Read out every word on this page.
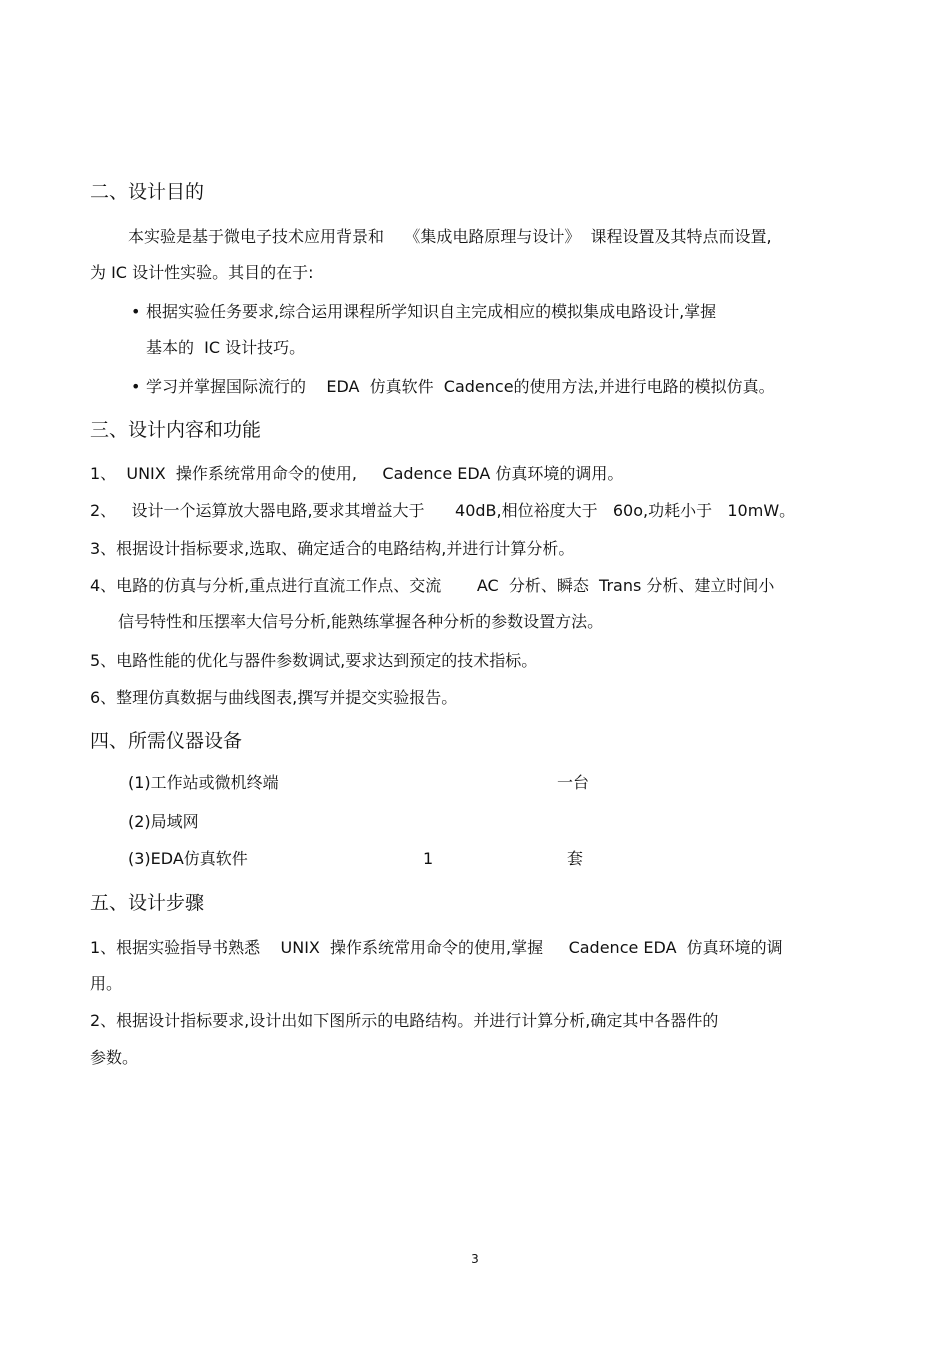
二、设计目的
本实验是基于微电子技术应用背景和    《集成电路原理与设计》  课程设置及其特点而设置,
为 IC 设计性实验。其目的在于:
• 根据实验任务要求,综合运用课程所学知识自主完成相应的模拟集成电路设计,掌握
基本的  IC 设计技巧。
• 学习并掌握国际流行的    EDA  仿真软件  Cadence的使用方法,并进行电路的模拟仿真。
三、设计内容和功能
1、  UNIX  操作系统常用命令的使用,     Cadence EDA 仿真环境的调用。
2、   设计一个运算放大器电路,要求其增益大于      40dB,相位裕度大于   60o,功耗小于   10mW。
3、根据设计指标要求,选取、确定适合的电路结构,并进行计算分析。
4、电路的仿真与分析,重点进行直流工作点、交流       AC  分析、瞬态  Trans 分析、建立时间小
信号特性和压摆率大信号分析,能熟练掌握各种分析的参数设置方法。
5、电路性能的优化与器件参数调试,要求达到预定的技术指标。
6、整理仿真数据与曲线图表,撰写并提交实验报告。
四、所需仪器设备
(1)工作站或微机终端	一台
(2)局域网
(3)EDA仿真软件	1	套
五、设计步骤
1、根据实验指导书熟悉    UNIX  操作系统常用命令的使用,掌握     Cadence EDA  仿真环境的调
用。
2、根据设计指标要求,设计出如下图所示的电路结构。并进行计算分析,确定其中各器件的
参数。
3
